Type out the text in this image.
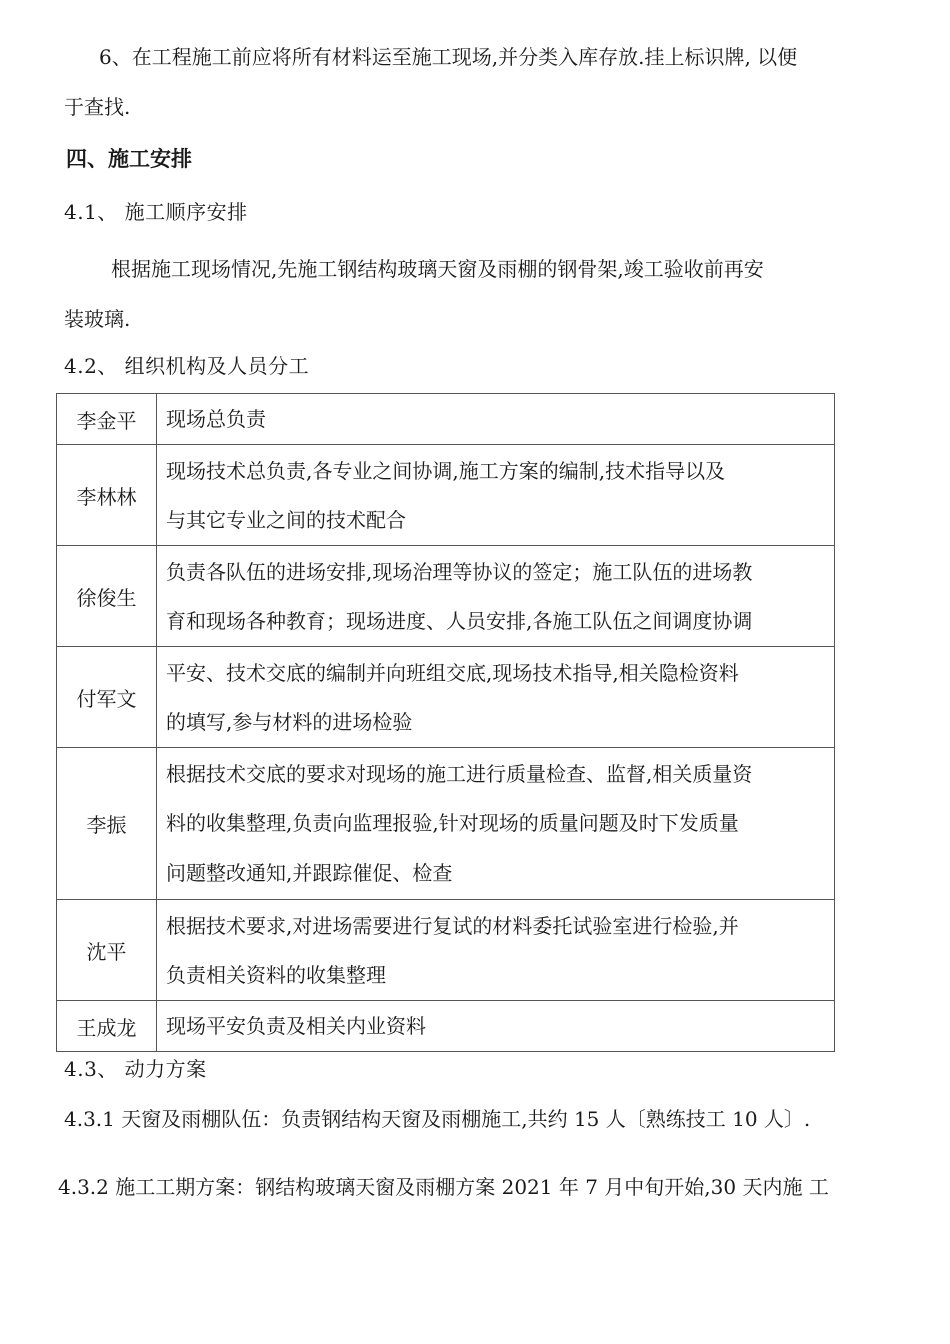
6、在工程施工前应将所有材料运至施工现场,并分类入库存放.挂上标识牌, 以便
于查找.
四、施工安排
4.1、 施工顺序安排
根据施工现场情况,先施工钢结构玻璃天窗及雨棚的钢骨架,竣工验收前再安
装玻璃.
4.2、 组织机构及人员分工
李金平	现场总负责

李林林	现场技术总负责,各专业之间协调,施工方案的编制,技术指导以及
与其它专业之间的技术配合

徐俊生	负责各队伍的进场安排,现场治理等协议的签定；施工队伍的进场教
育和现场各种教育；现场进度、人员安排,各施工队伍之间调度协调

付军文	平安、技术交底的编制并向班组交底,现场技术指导,相关隐检资料
的填写,参与材料的进场检验

李振	根据技术交底的要求对现场的施工进行质量检查、监督,相关质量资
料的收集整理,负责向监理报验,针对现场的质量问题及时下发质量
问题整改通知,并跟踪催促、检查

沈平	根据技术要求,对进场需要进行复试的材料委托试验室进行检验,并
负责相关资料的收集整理

王成龙	现场平安负责及相关内业资料
4.3、 动力方案
4.3.1 天窗及雨棚队伍：负责钢结构天窗及雨棚施工,共约 15 人〔熟练技工 10 人〕.
4.3.2 施工工期方案：钢结构玻璃天窗及雨棚方案 2021 年 7 月中旬开始,30 天内施 工
